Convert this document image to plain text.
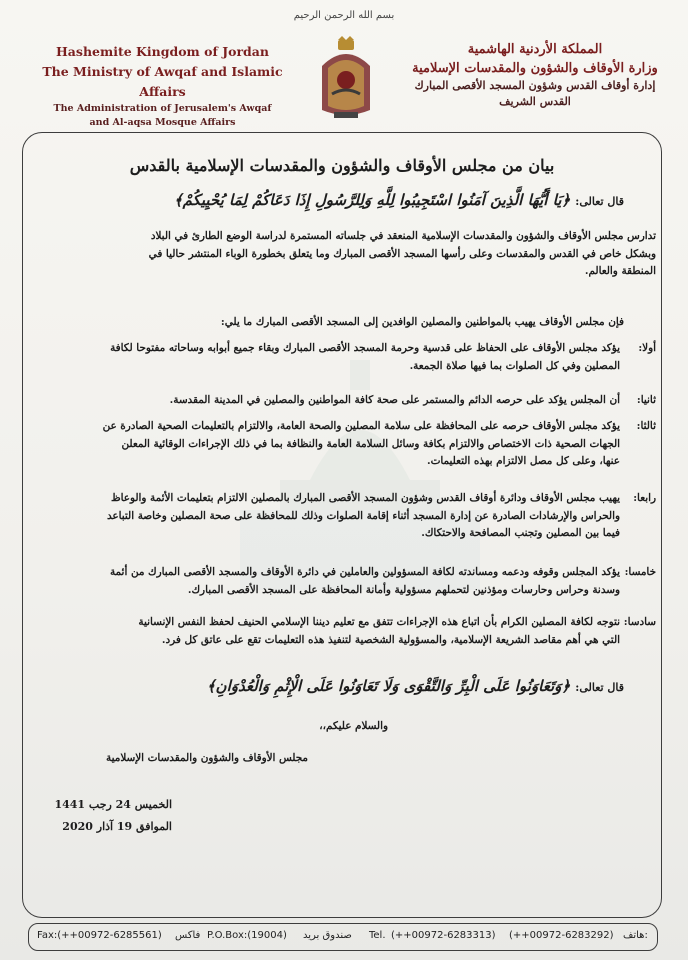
بسم الله الرحمن الرحيم
Hashemite Kingdom of Jordan
The Ministry of Awqaf and Islamic Affairs
The Administration of Jerusalem's Awqaf
and Al-aqsa Mosque Affairs
المملكة الأردنية الهاشمية
وزارة الأوقاف والشؤون والمقدسات الإسلامية
إدارة أوقاف القدس وشؤون المسجد الأقصى المبارك
القدس الشريف
بيان من مجلس الأوقاف والشؤون والمقدسات الإسلامية بالقدس
قال تعالى: ﴿يَا أَيُّهَا الَّذِينَ آمَنُوا اسْتَجِيبُوا لِلَّهِ وَلِلرَّسُولِ إِذَا دَعَاكُمْ لِمَا يُحْيِيكُمْ﴾
تدارس مجلس الأوقاف والشؤون والمقدسات الإسلامية المنعقد في جلساته المستمرة لدراسة الوضع الطارئ في البلاد
وبشكل خاص في القدس والمقدسات وعلى رأسها المسجد الأقصى المبارك وما يتعلق بخطورة الوباء المنتشر حاليا في
المنطقة والعالم.
فإن مجلس الأوقاف يهيب بالمواطنين والمصلين الوافدين إلى المسجد الأقصى المبارك ما يلي:
أولا:
يؤكد مجلس الأوقاف على الحفاظ على قدسية وحرمة المسجد الأقصى المبارك وبقاء جميع أبوابه وساحاته مفتوحا لكافة
المصلين وفي كل الصلوات بما فيها صلاة الجمعة.
ثانيا:
أن المجلس يؤكد على حرصه الدائم والمستمر على صحة كافة المواطنين والمصلين في المدينة المقدسة.
ثالثا:
يؤكد مجلس الأوقاف حرصه على المحافظة على سلامة المصلين والصحة العامة، والالتزام بالتعليمات الصحية الصادرة عن
الجهات الصحية ذات الاختصاص والالتزام بكافة وسائل السلامة العامة والنظافة بما في ذلك الإجراءات الوقائية المعلن
عنها، وعلى كل مصل الالتزام بهذه التعليمات.
رابعا:
يهيب مجلس الأوقاف ودائرة أوقاف القدس وشؤون المسجد الأقصى المبارك بالمصلين الالتزام بتعليمات الأئمة والوعاظ
والحراس والإرشادات الصادرة عن إدارة المسجد أثناء إقامة الصلوات وذلك للمحافظة على صحة المصلين وخاصة التباعد
فيما بين المصلين وتجنب المصافحة والاحتكاك.
خامسا:
يؤكد المجلس وقوفه ودعمه ومساندته لكافة المسؤولين والعاملين في دائرة الأوقاف والمسجد الأقصى المبارك من أئمة
وسدنة وحراس وحارسات ومؤذنين لتحملهم مسؤولية وأمانة المحافظة على المسجد الأقصى المبارك.
سادسا:
نتوجه لكافة المصلين الكرام بأن اتباع هذه الإجراءات تتفق مع تعليم ديننا الإسلامي الحنيف لحفظ النفس الإنسانية
التي هي أهم مقاصد الشريعة الإسلامية، والمسؤولية الشخصية لتنفيذ هذه التعليمات تقع على عاتق كل فرد.
قال تعالى: ﴿وَتَعَاوَنُوا عَلَى الْبِرِّ وَالتَّقْوَى وَلَا تَعَاوَنُوا عَلَى الْإِثْمِ وَالْعُدْوَانِ﴾
والسلام عليكم،،
مجلس الأوقاف والشؤون والمقدسات الإسلامية
الخميس 24 رجب 1441
الموافق 19 آذار 2020
Fax:(++00972-6285561) فاكس P.O.Box:(19004) صندوق بريد Tel. (++00972-6283313) (++00972-6283292) هاتف:
